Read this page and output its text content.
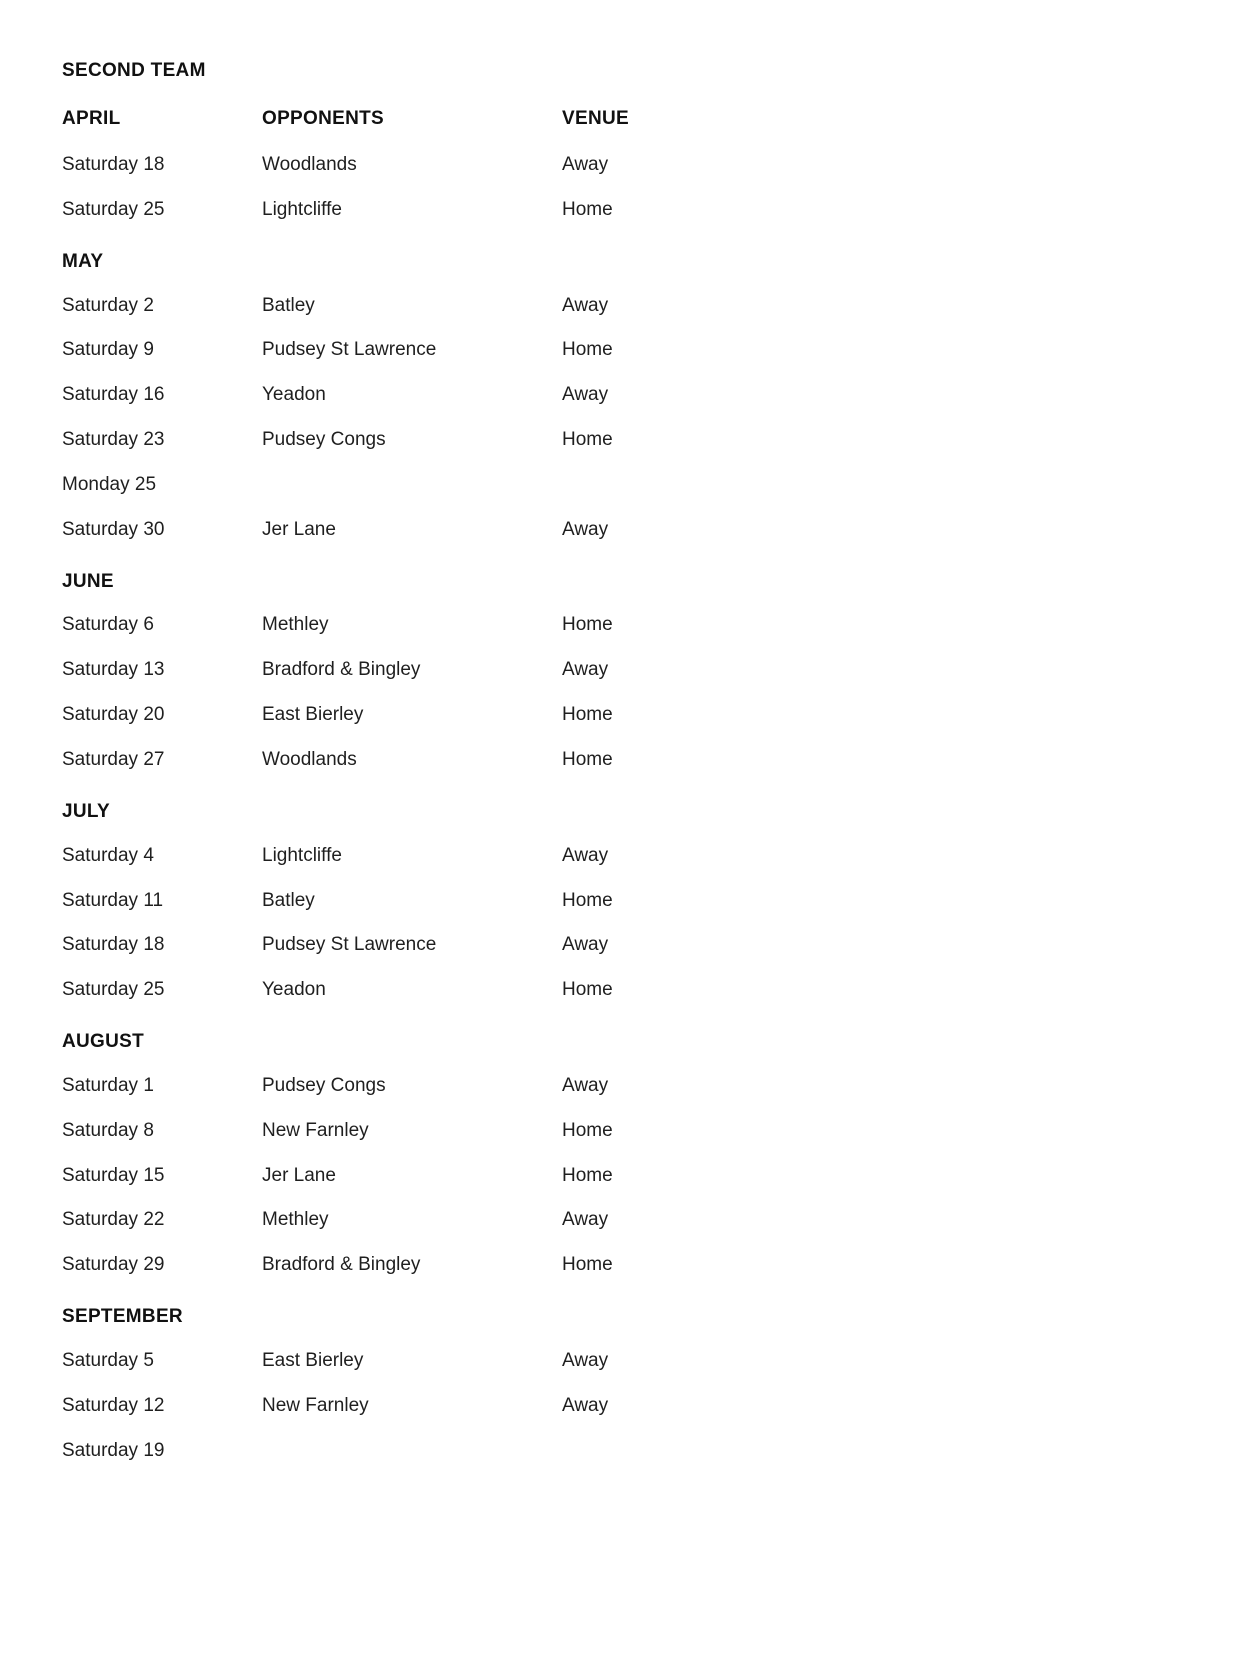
SECOND TEAM
APRIL	OPPONENTS	VENUE	
Saturday 18	Woodlands	Away	
Saturday 25	Lightcliffe	Home	
MAY			
Saturday 2	Batley	Away	
Saturday 9	Pudsey St Lawrence	Home	
Saturday 16	Yeadon	Away	
Saturday 23	Pudsey Congs	Home	
Monday 25			
Saturday 30	Jer Lane	Away	
JUNE			
Saturday 6	Methley	Home	
Saturday 13	Bradford & Bingley	Away	
Saturday 20	East Bierley	Home	
Saturday 27	Woodlands	Home	
JULY			
Saturday 4	Lightcliffe	Away	
Saturday 11	Batley	Home	
Saturday 18	Pudsey St Lawrence	Away	
Saturday 25	Yeadon	Home	
AUGUST			
Saturday 1	Pudsey Congs	Away	
Saturday 8	New Farnley	Home	
Saturday 15	Jer Lane	Home	
Saturday 22	Methley	Away	
Saturday 29	Bradford & Bingley	Home	
SEPTEMBER			
Saturday 5	East Bierley	Away	
Saturday 12	New Farnley	Away	
Saturday 19			
